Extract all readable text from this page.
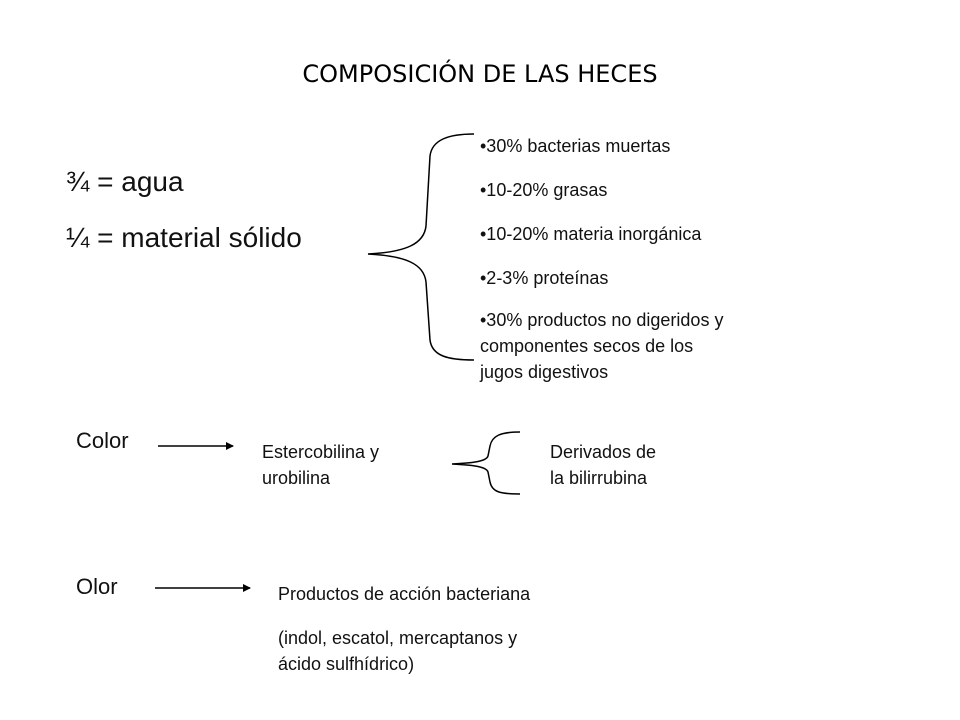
COMPOSICIÓN DE LAS HECES
¾ = agua
¼ = material sólido
•30% bacterias muertas
•10-20% grasas
•10-20% materia inorgánica
•2-3% proteínas
•30% productos no digeridos y
componentes secos de los
jugos digestivos
Color	Estercobilina y
urobilina
Derivados de
la bilirrubina
Olor	Productos de acción bacteriana
(indol, escatol, mercaptanos y
ácido sulfhídrico)
